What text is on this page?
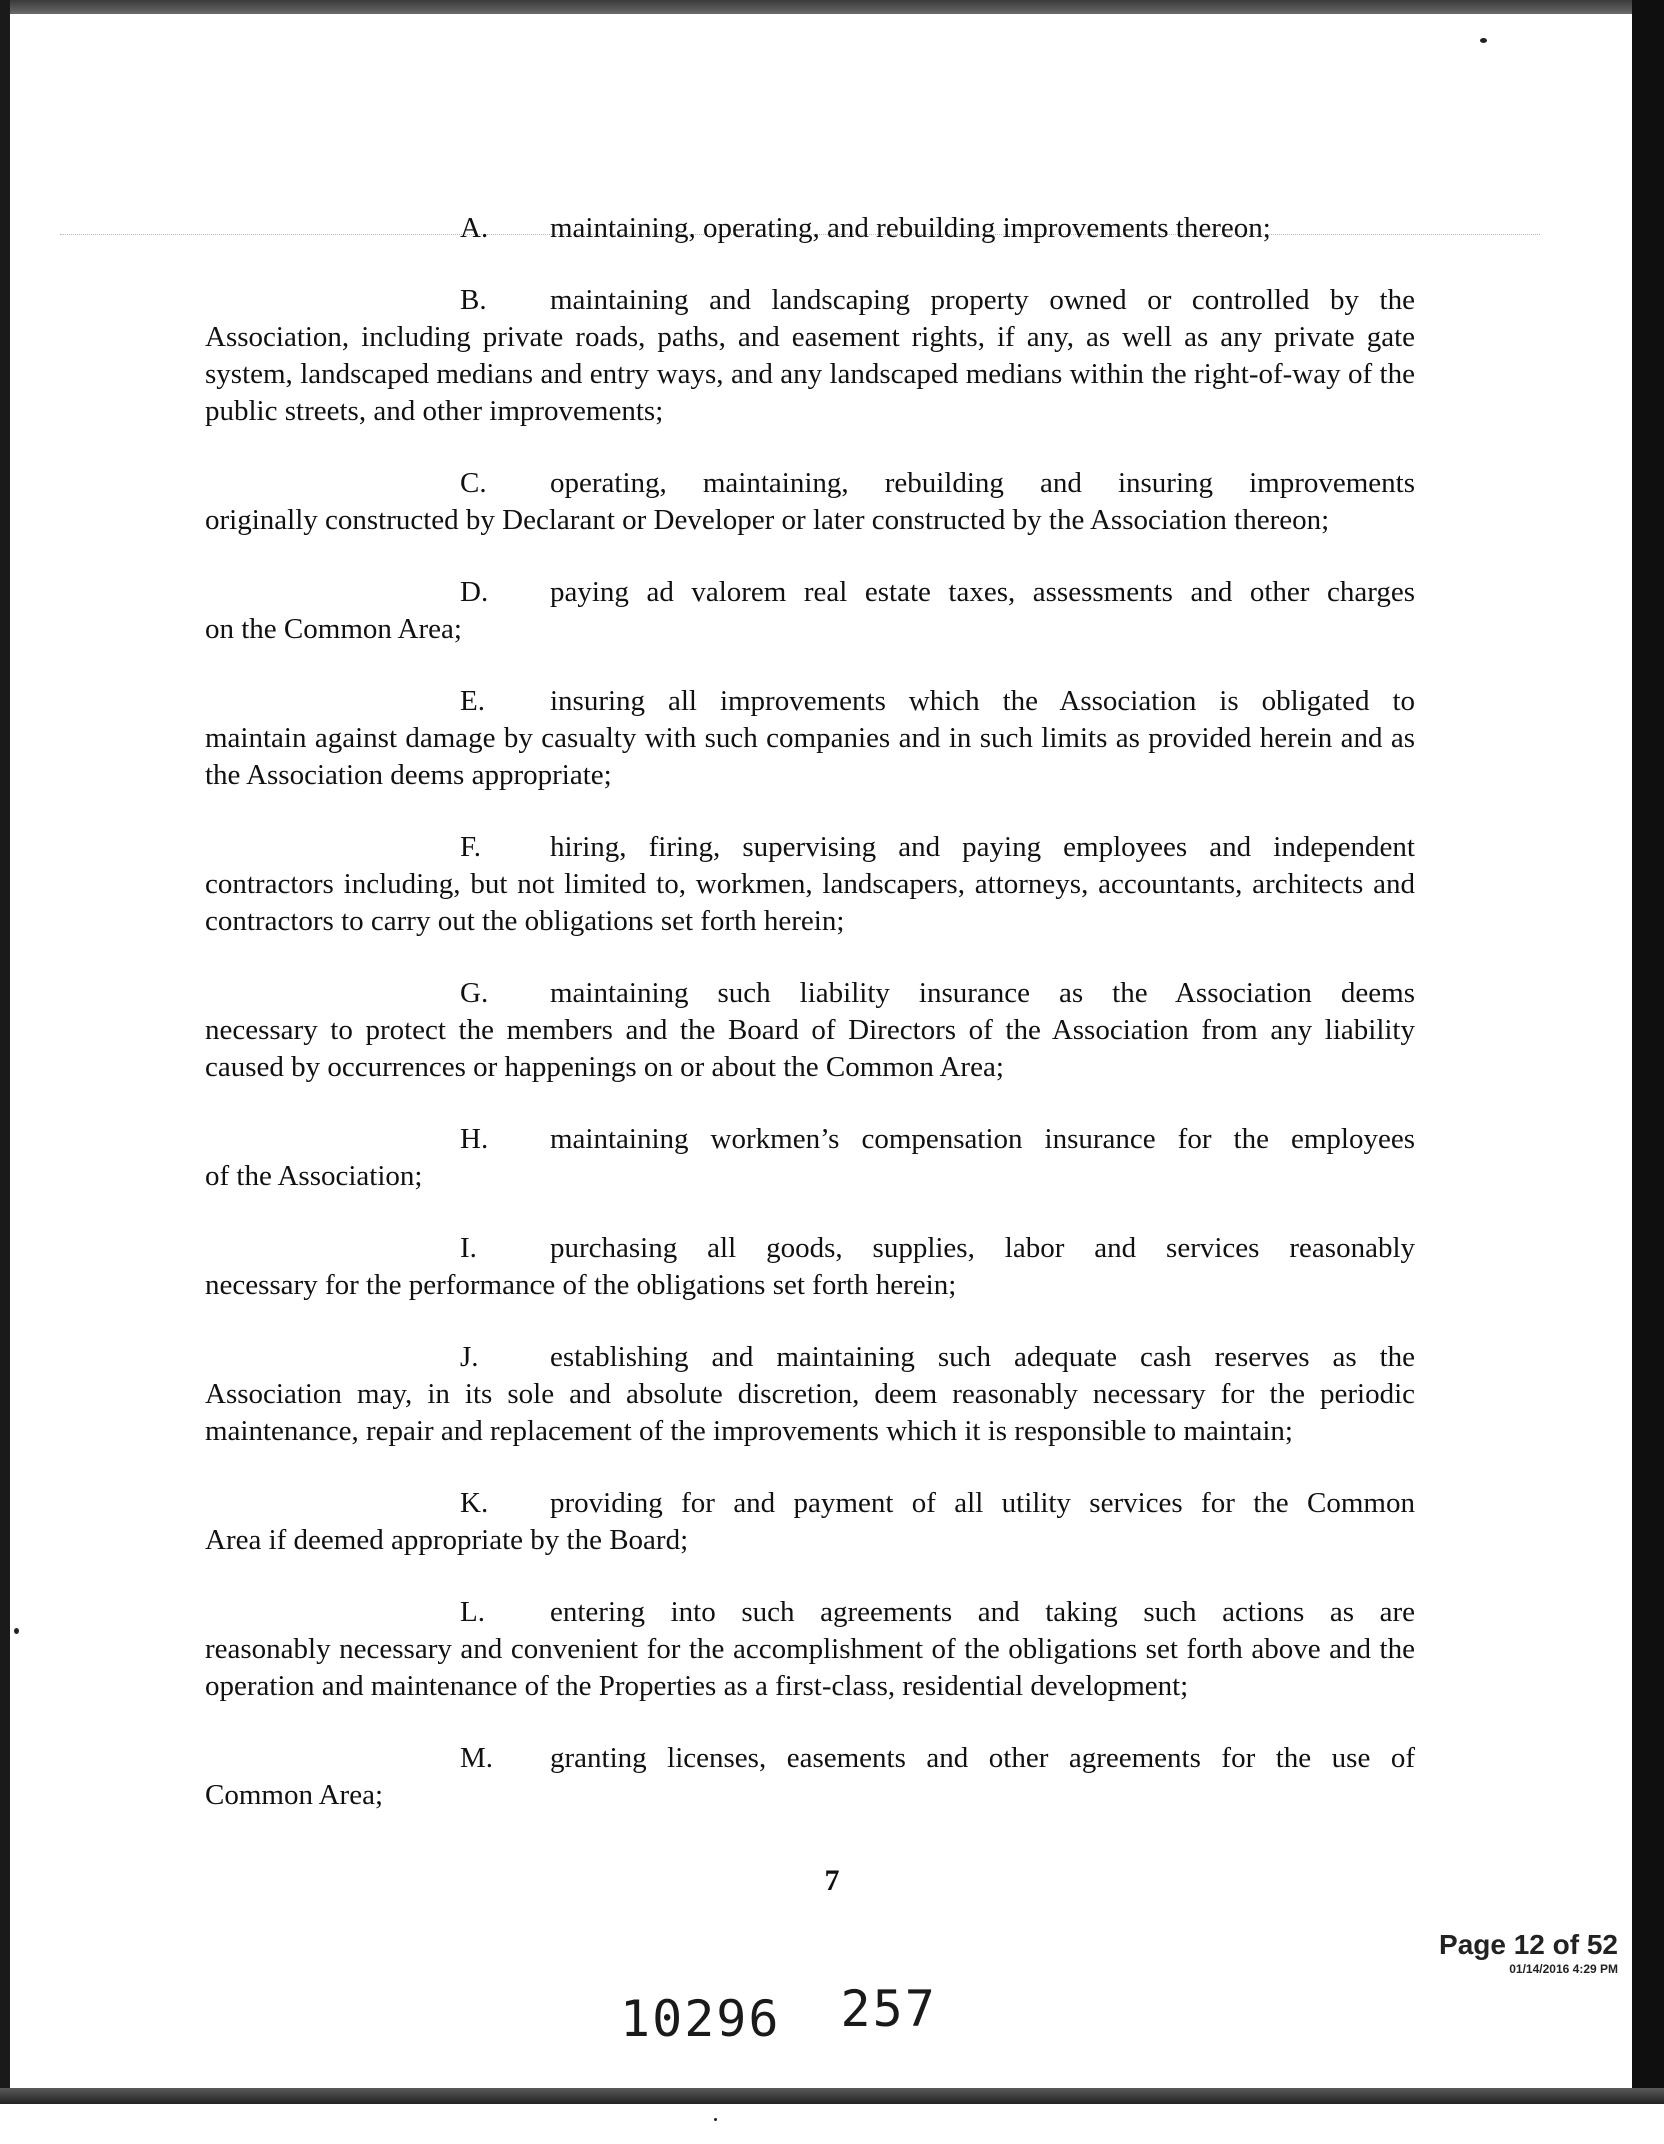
A. maintaining, operating, and rebuilding improvements thereon;
B. maintaining and landscaping property owned or controlled by the
Association, including private roads, paths, and easement rights, if any, as well as any private gate system, landscaped medians and entry ways, and any landscaped medians within the right-of-way of the public streets, and other improvements;
C. operating, maintaining, rebuilding and insuring improvements
originally constructed by Declarant or Developer or later constructed by the Association thereon;
D. paying ad valorem real estate taxes, assessments and other charges
on the Common Area;
E. insuring all improvements which the Association is obligated to
maintain against damage by casualty with such companies and in such limits as provided herein and as the Association deems appropriate;
F. hiring, firing, supervising and paying employees and independent
contractors including, but not limited to, workmen, landscapers, attorneys, accountants, architects and contractors to carry out the obligations set forth herein;
G. maintaining such liability insurance as the Association deems
necessary to protect the members and the Board of Directors of the Association from any liability caused by occurrences or happenings on or about the Common Area;
H. maintaining workmen’s compensation insurance for the employees
of the Association;
I.	purchasing all goods, supplies, labor and services reasonably
necessary for the performance of the obligations set forth herein;
J. establishing and maintaining such adequate cash reserves as the
Association may, in its sole and absolute discretion, deem reasonably necessary for the periodic maintenance, repair and replacement of the improvements which it is responsible to maintain;
K. providing for and payment of all utility services for the Common
Area if deemed appropriate by the Board;
L. entering into such agreements and taking such actions as are
reasonably necessary and convenient for the accomplishment of the obligations set forth above and the operation and maintenance of the Properties as a first-class, residential development;
M. granting licenses, easements and other agreements for the use of
Common Area;
7
Page 12 of 52
01/14/2016 4:29 PM
10296 257
